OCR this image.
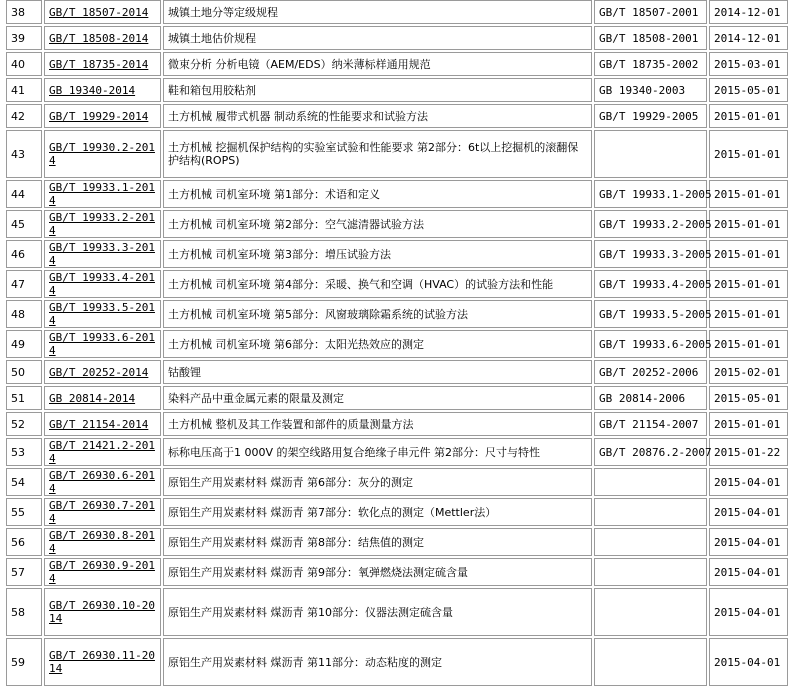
38	GB/T 18507-2014	城镇土地分等定级规程	GB/T 18507-2001	2014-12-01
39	GB/T 18508-2014	城镇土地估价规程	GB/T 18508-2001	2014-12-01
40	GB/T 18735-2014	微束分析 分析电镜（AEM/EDS）纳米薄标样通用规范	GB/T 18735-2002	2015-03-01
41	GB 19340-2014	鞋和箱包用胶粘剂	GB 19340-2003	2015-05-01
42	GB/T 19929-2014	土方机械 履带式机器 制动系统的性能要求和试验方法	GB/T 19929-2005	2015-01-01
43	GB/T 19930.2-2014	土方机械 挖掘机保护结构的实验室试验和性能要求 第2部分：6t以上挖掘机的滚翻保护结构(ROPS)		2015-01-01
44	GB/T 19933.1-2014	土方机械 司机室环境 第1部分：术语和定义	GB/T 19933.1-2005	2015-01-01
45	GB/T 19933.2-2014	土方机械 司机室环境 第2部分：空气滤清器试验方法	GB/T 19933.2-2005	2015-01-01
46	GB/T 19933.3-2014	土方机械 司机室环境 第3部分：增压试验方法	GB/T 19933.3-2005	2015-01-01
47	GB/T 19933.4-2014	土方机械 司机室环境 第4部分：采暖、换气和空调（HVAC）的试验方法和性能	GB/T 19933.4-2005	2015-01-01
48	GB/T 19933.5-2014	土方机械 司机室环境 第5部分：风窗玻璃除霜系统的试验方法	GB/T 19933.5-2005	2015-01-01
49	GB/T 19933.6-2014	土方机械 司机室环境 第6部分：太阳光热效应的测定	GB/T 19933.6-2005	2015-01-01
50	GB/T 20252-2014	钴酸锂	GB/T 20252-2006	2015-02-01
51	GB 20814-2014	染料产品中重金属元素的限量及测定	GB 20814-2006	2015-05-01
52	GB/T 21154-2014	土方机械 整机及其工作装置和部件的质量测量方法	GB/T 21154-2007	2015-01-01
53	GB/T 21421.2-2014	标称电压高于1 000V 的架空线路用复合绝缘子串元件 第2部分：尺寸与特性	GB/T 20876.2-2007	2015-01-22
54	GB/T 26930.6-2014	原铝生产用炭素材料 煤沥青 第6部分：灰分的测定		2015-04-01
55	GB/T 26930.7-2014	原铝生产用炭素材料 煤沥青 第7部分：软化点的测定（Mettler法）		2015-04-01
56	GB/T 26930.8-2014	原铝生产用炭素材料 煤沥青 第8部分：结焦值的测定		2015-04-01
57	GB/T 26930.9-2014	原铝生产用炭素材料 煤沥青 第9部分：氧弹燃烧法测定硫含量		2015-04-01
58	GB/T 26930.10-2014	原铝生产用炭素材料 煤沥青 第10部分：仪器法测定硫含量		2015-04-01
59	GB/T 26930.11-2014	原铝生产用炭素材料 煤沥青 第11部分：动态粘度的测定		2015-04-01
